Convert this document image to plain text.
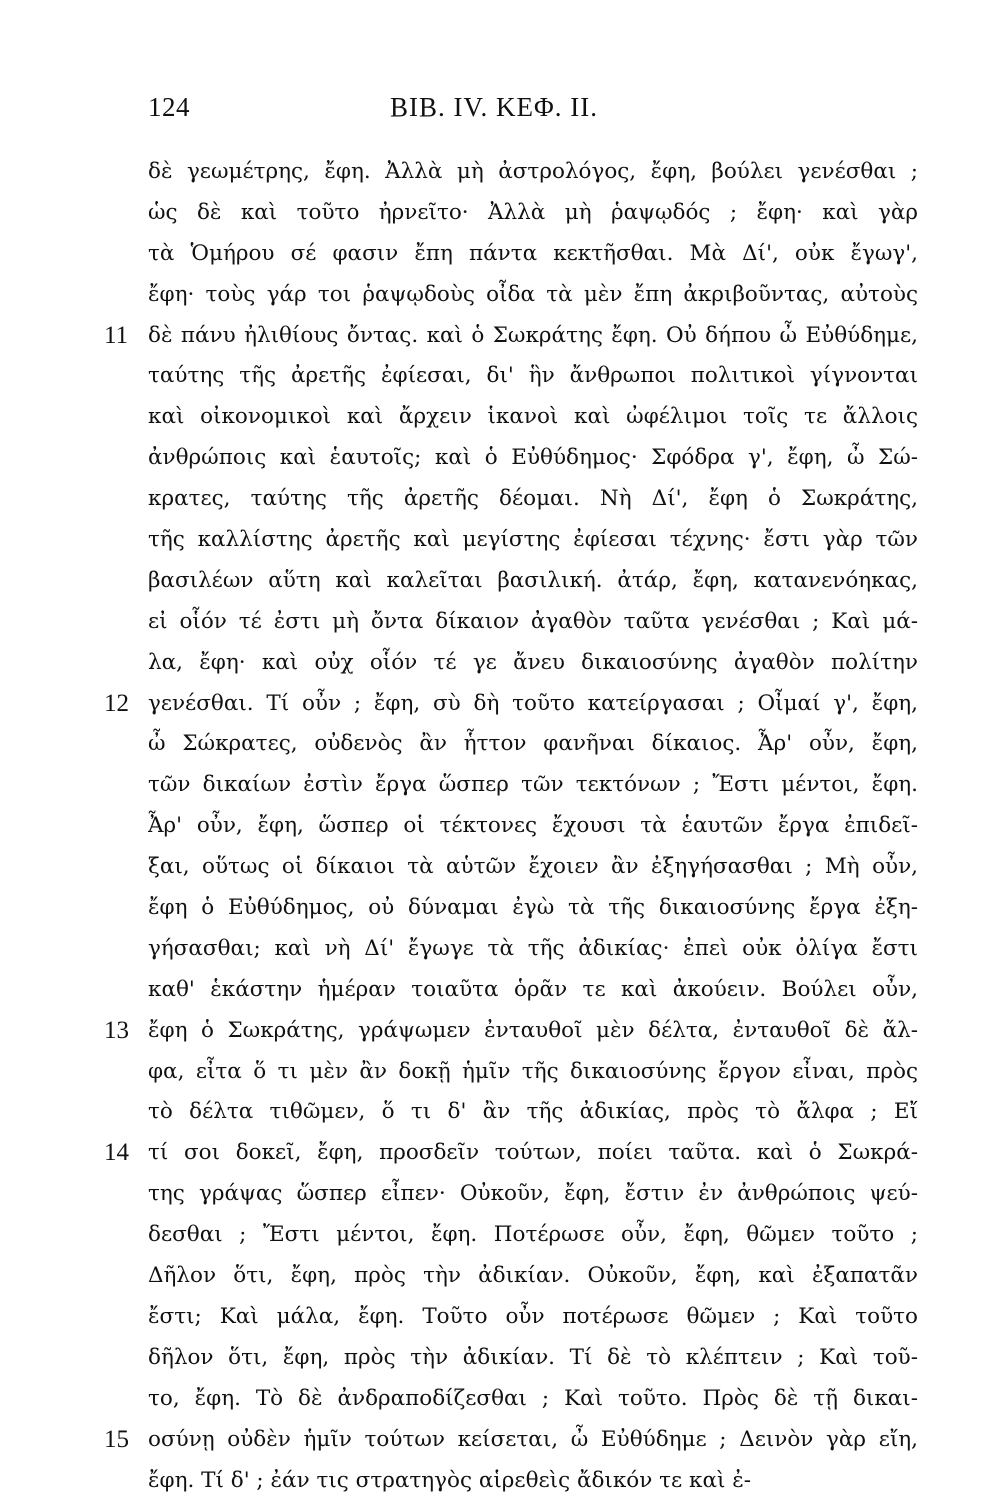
124	ΒΙΒ. ΙV. ΚΕΦ. ΙΙ.
δὲ γεωμέτρης, ἔφη. Ἀλλὰ μὴ ἀστρολόγος, ἔφη, βούλει γενέσθαι ;
ὡς δὲ καὶ τοῦτο ἠρνεῖτο· Ἀλλὰ μὴ ῥαψῳδός ; ἔφη· καὶ γὰρ
τὰ Ὁμήρου σέ φασιν ἔπη πάντα κεκτῆσθαι. Μὰ Δί', οὐκ ἔγωγ',
ἔφη· τοὺς γάρ τοι ῥαψῳδοὺς οἶδα τὰ μὲν ἔπη ἀκριβοῦντας, αὐτοὺς
11 δὲ πάνυ ἠλιθίους ὄντας. καὶ ὁ Σωκράτης ἔφη. Οὐ δήπου ὦ Εὐθύδημε,
ταύτης τῆς ἀρετῆς ἐφίεσαι, δι' ἣν ἄνθρωποι πολιτικοὶ γίγνονται
καὶ οἰκονομικοὶ καὶ ἄρχειν ἱκανοὶ καὶ ὠφέλιμοι τοῖς τε ἄλλοις
ἀνθρώποις καὶ ἑαυτοῖς; καὶ ὁ Εὐθύδημος· Σφόδρα γ', ἔφη, ὦ Σώ-
κρατες, ταύτης τῆς ἀρετῆς δέομαι. Νὴ Δί', ἔφη ὁ Σωκράτης,
τῆς καλλίστης ἀρετῆς καὶ μεγίστης ἐφίεσαι τέχνης· ἔστι γὰρ τῶν
βασιλέων αὕτη καὶ καλεῖται βασιλική. ἀτάρ, ἔφη, κατανενόηκας,
εἰ οἷόν τέ ἐστι μὴ ὄντα δίκαιον ἀγαθὸν ταῦτα γενέσθαι ; Καὶ μά-
λα, ἔφη· καὶ οὐχ οἷόν τέ γε ἄνευ δικαιοσύνης ἀγαθὸν πολίτην
12 γενέσθαι. Τί οὖν ; ἔφη, σὺ δὴ τοῦτο κατείργασαι ; Οἶμαί γ', ἔφη,
ὦ Σώκρατες, οὐδενὸς ἂν ἧττον φανῆναι δίκαιος. Ἆρ' οὖν, ἔφη,
τῶν δικαίων ἐστὶν ἔργα ὥσπερ τῶν τεκτόνων ; Ἔστι μέντοι, ἔφη.
Ἆρ' οὖν, ἔφη, ὥσπερ οἱ τέκτονες ἔχουσι τὰ ἑαυτῶν ἔργα ἐπιδεῖ-
ξαι, οὕτως οἱ δίκαιοι τὰ αὑτῶν ἔχοιεν ἂν ἐξηγήσασθαι ; Μὴ οὖν,
ἔφη ὁ Εὐθύδημος, οὐ δύναμαι ἐγὼ τὰ τῆς δικαιοσύνης ἔργα ἐξη-
γήσασθαι; καὶ νὴ Δί' ἔγωγε τὰ τῆς ἀδικίας· ἐπεὶ οὐκ ὀλίγα ἔστι
καθ' ἑκάστην ἡμέραν τοιαῦτα ὁρᾶν τε καὶ ἀκούειν. Βούλει οὖν,
13 ἔφη ὁ Σωκράτης, γράψωμεν ἐνταυθοῖ μὲν δέλτα, ἐνταυθοῖ δὲ ἄλ-
φα, εἶτα ὅ τι μὲν ἂν δοκῇ ἡμῖν τῆς δικαιοσύνης ἔργον εἶναι, πρὸς
τὸ δέλτα τιθῶμεν, ὅ τι δ' ἂν τῆς ἀδικίας, πρὸς τὸ ἄλφα ; Εἴ
14 τί σοι δοκεῖ, ἔφη, προσδεῖν τούτων, ποίει ταῦτα. καὶ ὁ Σωκρά-
της γράψας ὥσπερ εἶπεν· Οὐκοῦν, ἔφη, ἔστιν ἐν ἀνθρώποις ψεύ-
δεσθαι ; Ἔστι μέντοι, ἔφη. Ποτέρωσε οὖν, ἔφη, θῶμεν τοῦτο ;
Δῆλον ὅτι, ἔφη, πρὸς τὴν ἀδικίαν. Οὐκοῦν, ἔφη, καὶ ἐξαπατᾶν
ἔστι; Καὶ μάλα, ἔφη. Τοῦτο οὖν ποτέρωσε θῶμεν ; Καὶ τοῦτο
δῆλον ὅτι, ἔφη, πρὸς τὴν ἀδικίαν. Τί δὲ τὸ κλέπτειν ; Καὶ τοῦ-
το, ἔφη. Τὸ δὲ ἀνδραποδίζεσθαι ; Καὶ τοῦτο. Πρὸς δὲ τῇ δικαι-
15 οσύνῃ οὐδὲν ἡμῖν τούτων κείσεται, ὦ Εὐθύδημε ; Δεινὸν γὰρ εἴη,
ἔφη. Τί δ' ; ἐάν τις στρατηγὸς αἱρεθεὶς ἄδικόν τε καὶ ἐ-
